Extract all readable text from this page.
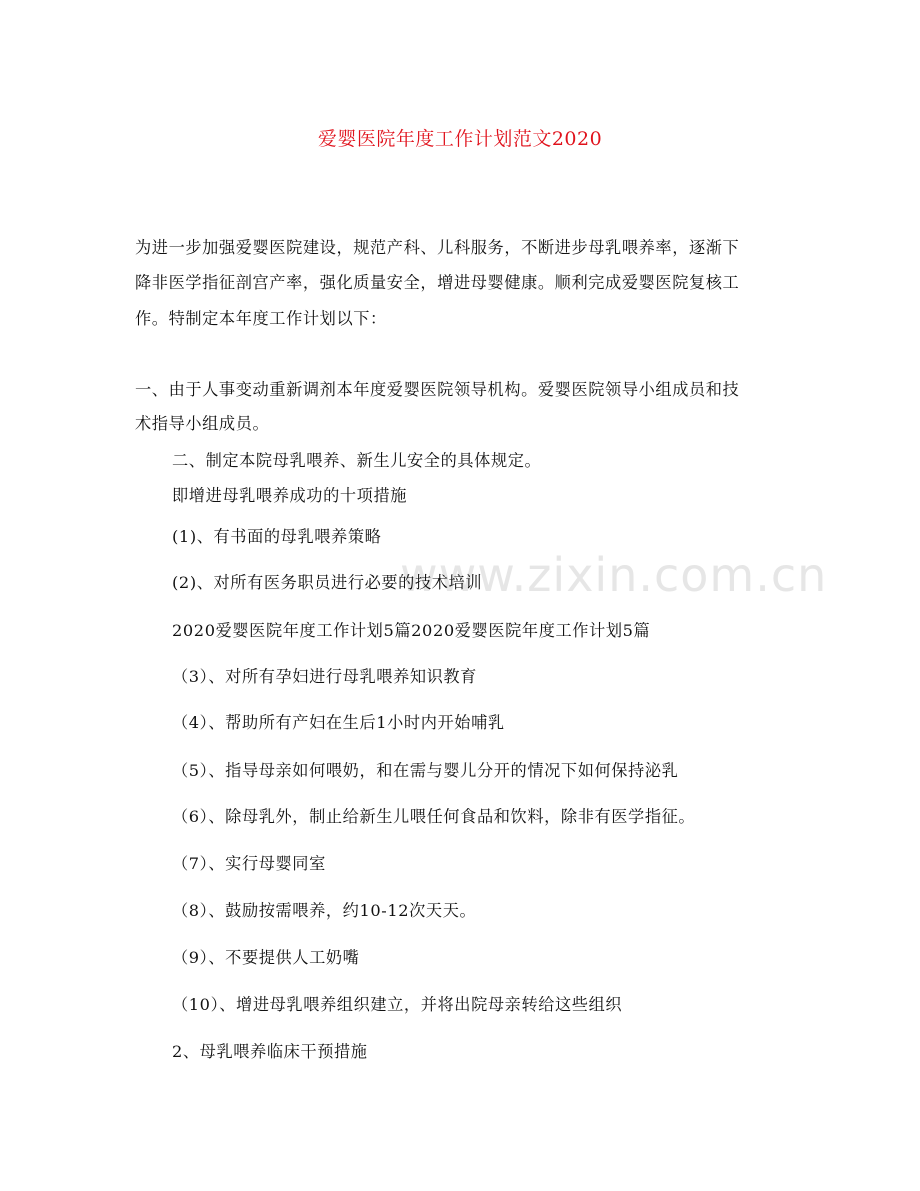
www.zixin.com.cn
爱婴医院年度工作计划范文2020
为进一步加强爱婴医院建设，规范产科、儿科服务，不断进步母乳喂养率，逐渐下
降非医学指征剖宫产率，强化质量安全，增进母婴健康。顺利完成爱婴医院复核工
作。特制定本年度工作计划以下：
一、由于人事变动重新调剂本年度爱婴医院领导机构。爱婴医院领导小组成员和技
术指导小组成员。
二、制定本院母乳喂养、新生儿安全的具体规定。
即增进母乳喂养成功的十项措施
(1)、有书面的母乳喂养策略
(2)、对所有医务职员进行必要的技术培训
2020爱婴医院年度工作计划5篇2020爱婴医院年度工作计划5篇
（3）、对所有孕妇进行母乳喂养知识教育
（4）、帮助所有产妇在生后1小时内开始哺乳
（5）、指导母亲如何喂奶，和在需与婴儿分开的情况下如何保持泌乳
（6）、除母乳外，制止给新生儿喂任何食品和饮料，除非有医学指征。
（7）、实行母婴同室
（8）、鼓励按需喂养，约10-12次天天。
（9）、不要提供人工奶嘴
（10）、增进母乳喂养组织建立，并将出院母亲转给这些组织
2、母乳喂养临床干预措施
